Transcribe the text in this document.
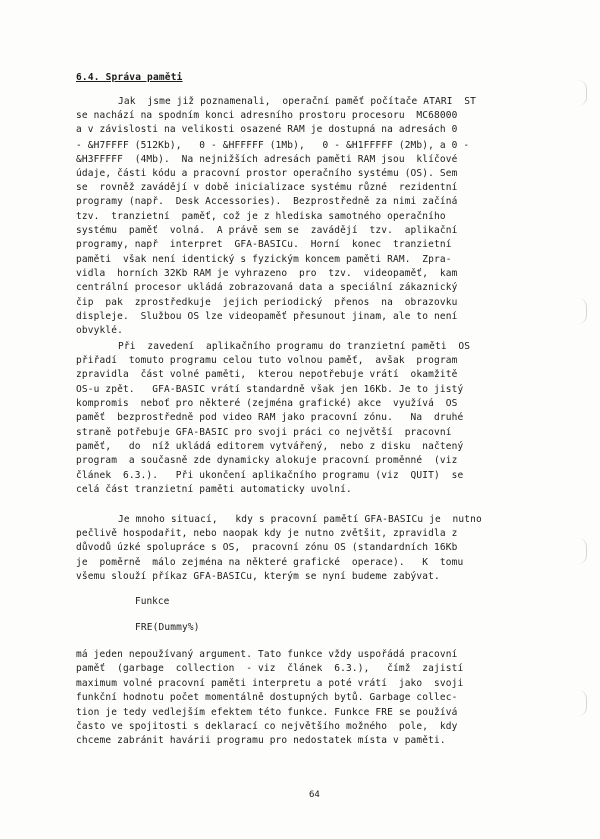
6.4. Správa paměti
Jak  jsme již poznamenali,  operační paměť počítače ATARI  ST
se nachází na spodním konci adresního prostoru procesoru  MC68000
a v závislosti na velikosti osazené RAM je dostupná na adresách 0
- &H7FFFF (512Kb),   0 - &HFFFFF (1Mb),   0 - &H1FFFFF (2Mb), a 0 -
&H3FFFFF  (4Mb).  Na nejnižších adresách paměti RAM jsou  klíčové
údaje, části kódu a pracovní prostor operačního systému (OS). Sem
se  rovněž zavádějí v době inicializace systému různé  rezidentní
programy (např.  Desk Accessories).  Bezprostředně za nimi začíná
tzv.  tranzietní  paměť, což je z hlediska samotného operačního
systému  paměť  volná.  A právě sem se  zavádějí  tzv.  aplikační
programy, např  interpret  GFA-BASICu.  Horní  konec  tranzietní
paměti  však není identický s fyzickým koncem paměti RAM.  Zpra-
vidla  horních 32Kb RAM je vyhrazeno  pro  tzv.  videopaměť,  kam
centrální procesor ukládá zobrazovaná data a speciální zákaznický
čip  pak  zprostředkuje  jejich periodický  přenos  na  obrazovku
displeje.  Službou OS lze videopaměť přesunout jinam, ale to není
obvyklé.
Při  zavedení  aplikačního programu do tranzietní paměti  OS
přiřadí  tomuto programu celou tuto volnou paměť,  avšak  program
zpravidla  část volné paměti,  kterou nepotřebuje vrátí  okamžitě
OS-u zpět.   GFA-BASIC vrátí standardně však jen 16Kb. Je to jistý
kompromis  neboť pro některé (zejména grafické) akce  využívá  OS
paměť  bezprostředně pod video RAM jako pracovní zónu.   Na  druhé
straně potřebuje GFA-BASIC pro svoji práci co největší  pracovní
paměť,   do  níž ukládá editorem vytvářený,  nebo z disku  načtený
program  a současně zde dynamicky alokuje pracovní proměnné  (viz
článek  6.3.).   Při ukončení aplikačního programu (viz  QUIT)  se
celá část tranzietní paměti automaticky uvolní.
Je mnoho situací,   kdy s pracovní pamětí GFA-BASICu je  nutno
pečlivě hospodařit, nebo naopak kdy je nutno zvětšit, zpravidla z
důvodů úzké spolupráce s OS,  pracovní zónu OS (standardních 16Kb
je  poměrně  málo zejména na některé grafické  operace).   K  tomu
všemu slouží příkaz GFA-BASICu, kterým se nyní budeme zabývat.
Funkce
FRE(Dummy%)
má jeden nepoužívaný argument. Tato funkce vždy uspořádá pracovní
paměť  (garbage  collection  - viz  článek  6.3.),   čímž  zajistí
maximum volné pracovní paměti interpretu a poté vrátí  jako  svoji
funkční hodnotu počet momentálně dostupných bytů. Garbage collec-
tion je tedy vedlejším efektem této funkce. Funkce FRE se používá
často ve spojitosti s deklarací co největšího možného  pole,  kdy
chceme zabránit havárii programu pro nedostatek místa v paměti.
64
